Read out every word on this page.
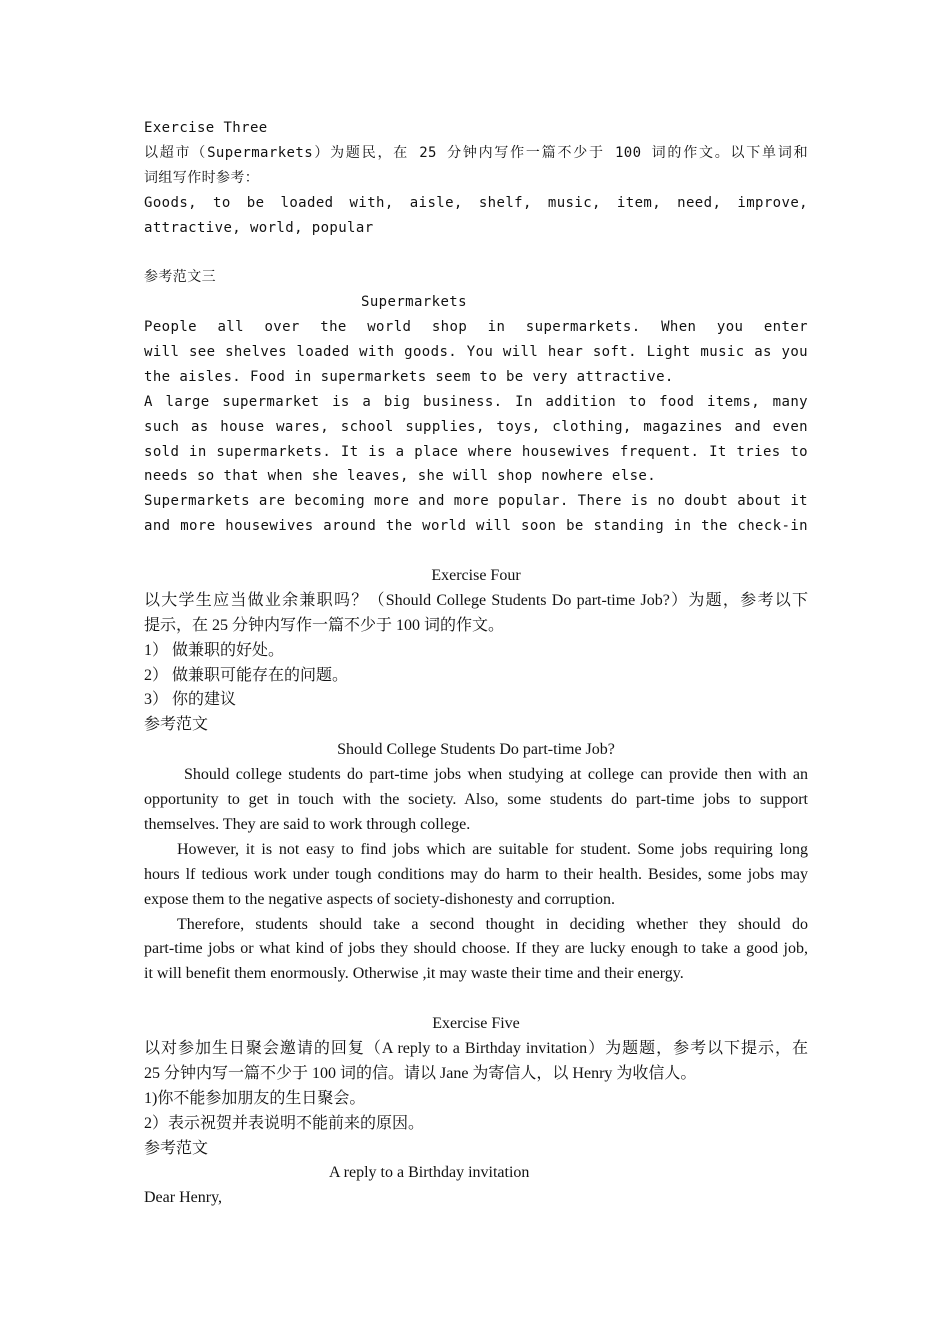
Exercise Three
以超市（Supermarkets）为题民，在 25 分钟内写作一篇不少于 100 词的作文。以下单词和
词组写作时参考：
Goods, to be loaded with, aisle, shelf, music, item, need, improve,
attractive, world, popular
参考范文三
Supermarkets
People all over the world shop in supermarkets. When you enter
will see shelves loaded with goods. You will hear soft. Light music as you
the aisles. Food in supermarkets seem to be very attractive.
A large supermarket is a big business. In addition to food items, many
such as house wares, school supplies, toys, clothing, magazines and even
sold in supermarkets. It is a place where housewives frequent. It tries to
needs so that when she leaves, she will shop nowhere else.
Supermarkets are becoming more and more popular. There is no doubt about it
and more housewives around the world will soon be standing in the check-in
Exercise Four
以大学生应当做业余兼职吗？（Should College Students Do part-time Job?）为题，参考以下
提示，在 25 分钟内写作一篇不少于 100 词的作文。
1） 做兼职的好处。
2） 做兼职可能存在的问题。
3） 你的建议
参考范文
Should College Students Do part-time Job?
Should college students do part-time jobs when studying at college can provide then with an
opportunity to get in touch with the society. Also, some students do part-time jobs to support
themselves. They are said to work through college.
However, it is not easy to find jobs which are suitable for student. Some jobs requiring long
hours lf tedious work under tough conditions may do harm to their health. Besides, some jobs may
expose them to the negative aspects of society-dishonesty and corruption.
Therefore, students should take a second thought in deciding whether they should do
part-time jobs or what kind of jobs they should choose. If they are lucky enough to take a good job,
it will benefit them enormously. Otherwise ,it may waste their time and their energy.
Exercise Five
以对参加生日聚会邀请的回复（A reply to a Birthday invitation）为题题，参考以下提示，在
25 分钟内写一篇不少于 100 词的信。请以 Jane 为寄信人，以 Henry 为收信人。
1)你不能参加朋友的生日聚会。
2）表示祝贺并表说明不能前来的原因。
参考范文
A reply to a Birthday invitation
Dear Henry,
